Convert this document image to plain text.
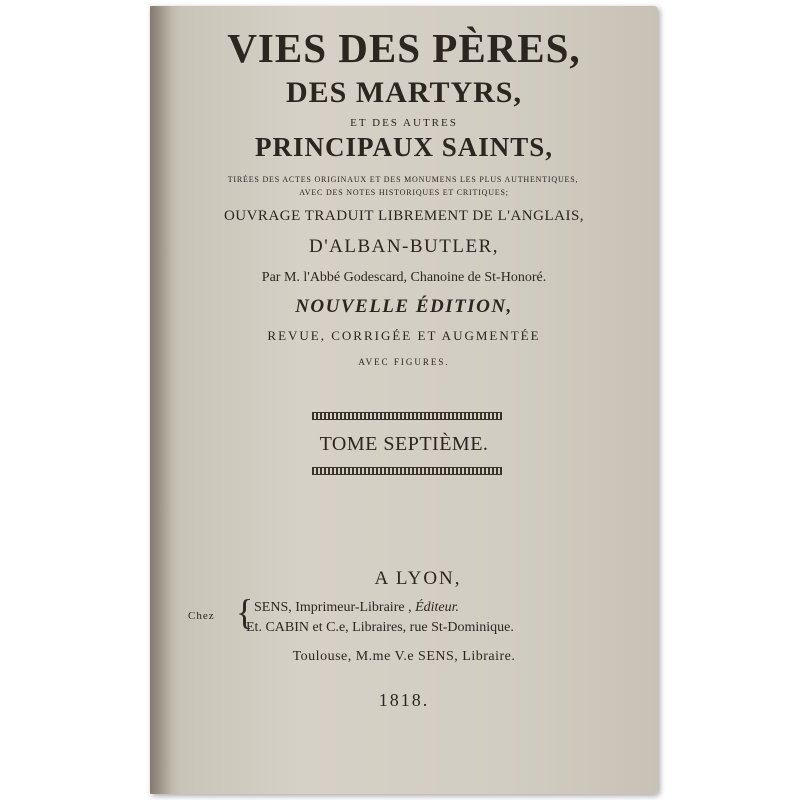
VIES DES PÈRES,
DES MARTYRS,
ET DES AUTRES
PRINCIPAUX SAINTS,
TIRÉES DES ACTES ORIGINAUX ET DES MONUMENS LES PLUS AUTHENTIQUES,
AVEC DES NOTES HISTORIQUES ET CRITIQUES;
OUVRAGE TRADUIT LIBREMENT DE L'ANGLAIS,
D'ALBAN-BUTLER,
Par M. l'Abbé Godescard, Chanoine de St-Honoré.
NOUVELLE ÉDITION,
REVUE, CORRIGÉE ET AUGMENTÉE
AVEC FIGURES.
TOME SEPTIÈME.
A LYON,
Chez { SENS, Imprimeur-Libraire , Éditeur.
Et. CABIN et C.e, Libraires, rue St-Dominique.
Toulouse, M.me V.e SENS, Libraire.
1818.
